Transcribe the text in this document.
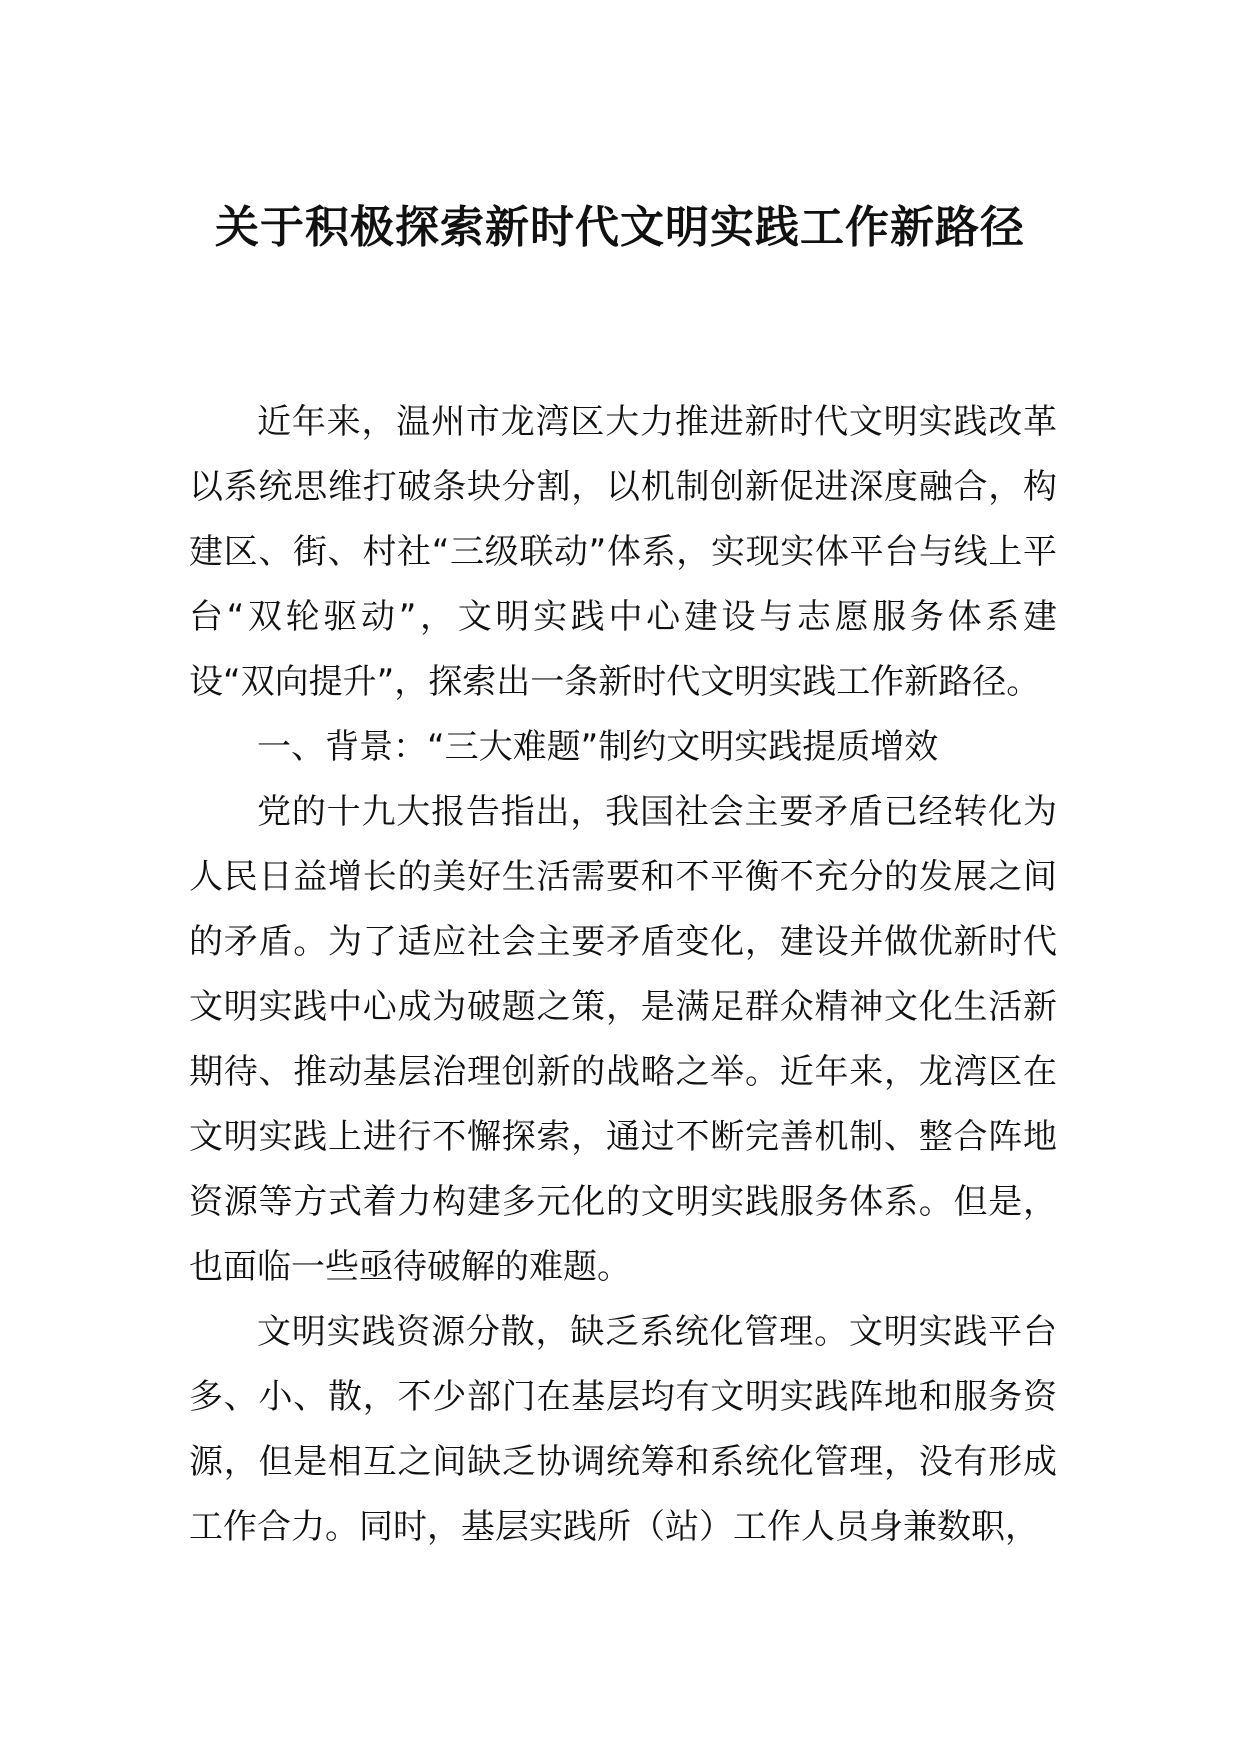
关于积极探索新时代文明实践工作新路径

近年来，温州市龙湾区大力推进新时代文明实践改革以系统思维打破条块分割，以机制创新促进深度融合，构建区、街、村社“三级联动”体系，实现实体平台与线上平台“双轮驱动”，文明实践中心建设与志愿服务体系建设“双向提升”，探索出一条新时代文明实践工作新路径。

一、背景：“三大难题”制约文明实践提质增效

党的十九大报告指出，我国社会主要矛盾已经转化为人民日益增长的美好生活需要和不平衡不充分的发展之间的矛盾。为了适应社会主要矛盾变化，建设并做优新时代文明实践中心成为破题之策，是满足群众精神文化生活新期待、推动基层治理创新的战略之举。近年来，龙湾区在文明实践上进行不懈探索，通过不断完善机制、整合阵地资源等方式着力构建多元化的文明实践服务体系。但是，也面临一些亟待破解的难题。

文明实践资源分散，缺乏系统化管理。文明实践平台多、小、散，不少部门在基层均有文明实践阵地和服务资源，但是相互之间缺乏协调统筹和系统化管理，没有形成工作合力。同时，基层实践所（站）工作人员身兼数职，
